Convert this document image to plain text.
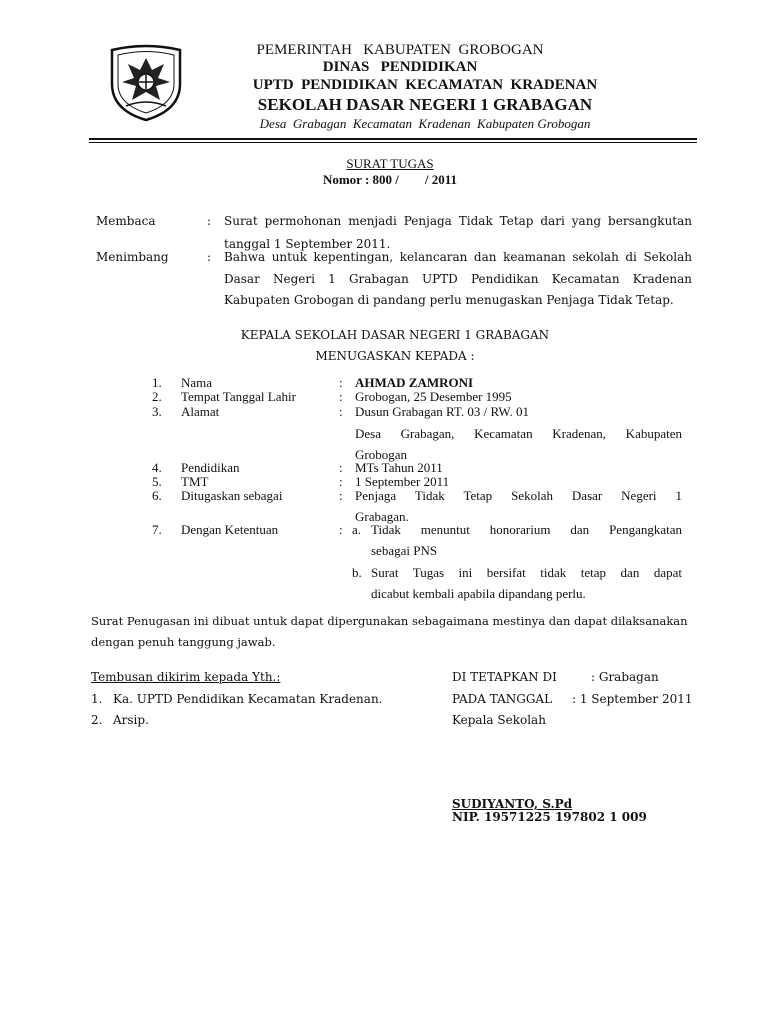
PEMERINTAH   KABUPATEN  GROBOGAN
DINAS   PENDIDIKAN
UPTD  PENDIDIKAN  KECAMATAN  KRADENAN
SEKOLAH DASAR NEGERI 1 GRABAGAN
Desa  Grabagan  Kecamatan  Kradenan  Kabupaten Grobogan
SURAT TUGAS
Nomor : 800 /        / 2011
Membaca	: Surat permohonan menjadi Penjaga Tidak Tetap dari yang bersangkutan
tanggal 1 September 2011.
Menimbang	: Bahwa untuk kepentingan, kelancaran dan keamanan sekolah di Sekolah
Dasar Negeri 1 Grabagan UPTD Pendidikan Kecamatan Kradenan
Kabupaten Grobogan di pandang perlu menugaskan Penjaga Tidak Tetap.
KEPALA SEKOLAH DASAR NEGERI 1 GRABAGAN
MENUGASKAN KEPADA :
1. Nama	: AHMAD ZAMRONI
2. Tempat Tanggal Lahir	: Grobogan, 25 Desember 1995
3. Alamat	: Dusun Grabagan RT. 03 / RW. 01
Desa Grabagan, Kecamatan Kradenan, Kabupaten
Grobogan
4. Pendidikan	: MTs Tahun 2011
5. TMT	: 1 September 2011
6. Ditugaskan sebagai	: Penjaga Tidak Tetap Sekolah Dasar Negeri 1
Grabagan.
7. Dengan Ketentuan	: a. Tidak menuntut honorarium dan Pengangkatan
sebagai PNS
b. Surat Tugas ini bersifat tidak tetap dan dapat
dicabut kembali apabila dipandang perlu.
Surat Penugasan ini dibuat untuk dapat dipergunakan sebagaimana mestinya dan dapat dilaksanakan
dengan penuh tanggung jawab.
Tembusan dikirim kepada Yth.:
1. Ka. UPTD Pendidikan Kecamatan Kradenan.
2. Arsip.
DI TETAPKAN DI	: Grabagan
PADA TANGGAL : 1 September 2011
Kepala Sekolah
SUDIYANTO, S.Pd
NIP. 19571225 197802 1 009
